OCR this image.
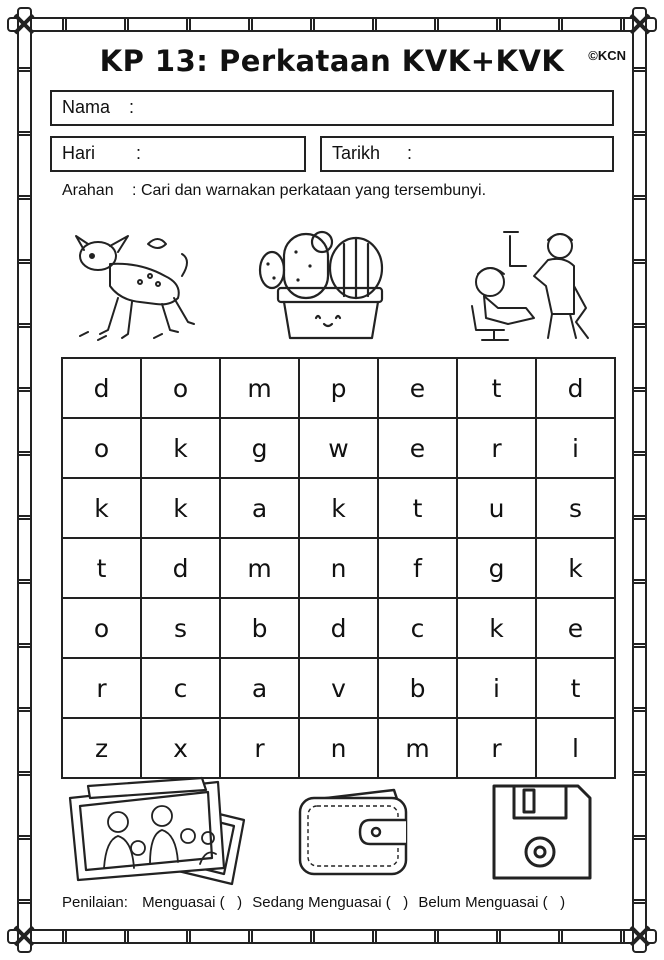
KP 13: Perkataan KVK+KVK	©KCN
Nama :
Hari :	Tarikh :
Arahan : Cari dan warnakan perkataan yang tersembunyi.
d	o	m	p	e	t	d
o	k	g	w	e	r	i
k	k	a	k	t	u	s
t	d	m	n	f	g	k
o	s	b	d	c	k	e
r	c	a	v	b	i	t
z	x	r	n	m	r	l
Penilaian: Menguasai (   ) Sedang Menguasai (   ) Belum Menguasai (   )
